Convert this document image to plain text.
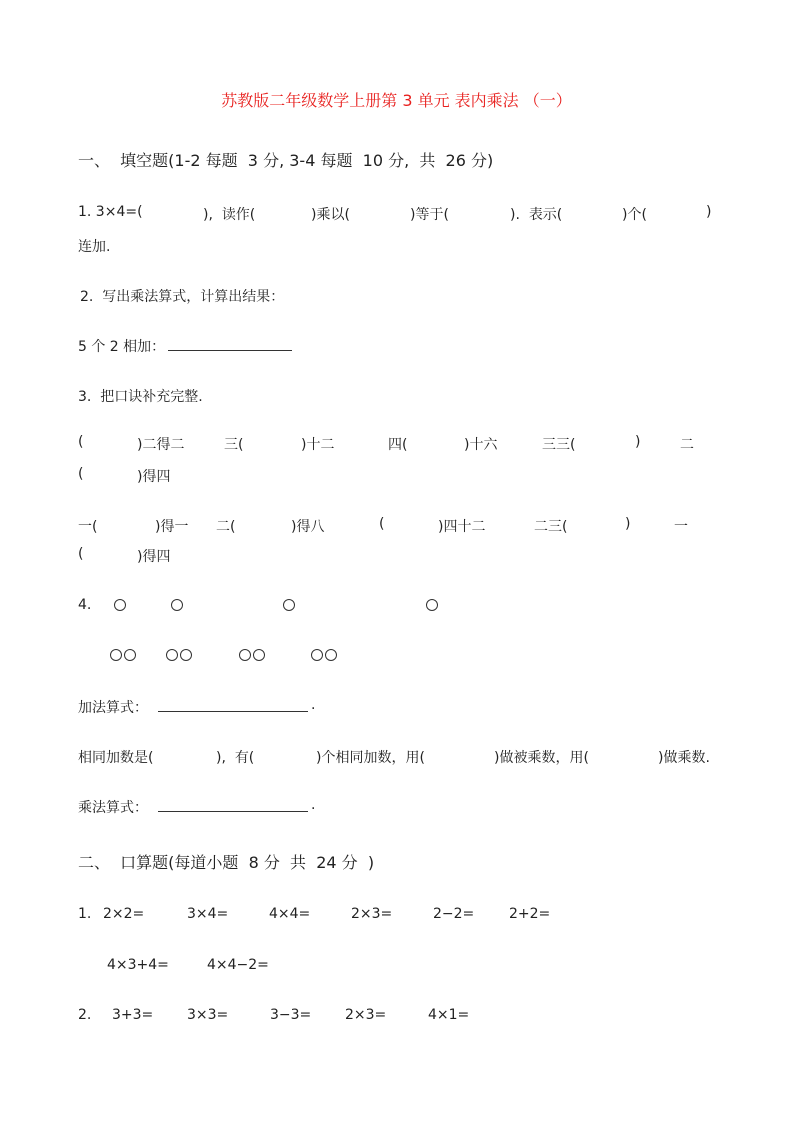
苏教版二年级数学上册第 3 单元 表内乘法 （一）
一、  填空题(1-2 每题  3 分, 3-4 每题  10 分,  共  26 分)
1. 3×4=(	),  读作(	)乘以(	)等于(	).  表示(	)个(	)
连加.
2.  写出乘法算式，计算出结果：
5 个 2 相加：
3.  把口诀补充完整.
(	)二得二	三(	)十二	四(	)十六	三三(	)	二
(	)得四
一(	)得一 二(	)得八	(	)四十二	二三(	)	一
(	)得四
4.
加法算式：	.
相同加数是(	),  有(	)个相同加数，用(	)做被乘数，用(	)做乘数.
乘法算式：	.
二、  口算题(每道小题  8 分  共  24 分  )
1. 2×2=	3×4=	4×4=	2×3=	2−2= 2+2=
4×3+4=	4×4−2=
2. 3+3= 3×3=	3−3= 2×3=	4×1=
